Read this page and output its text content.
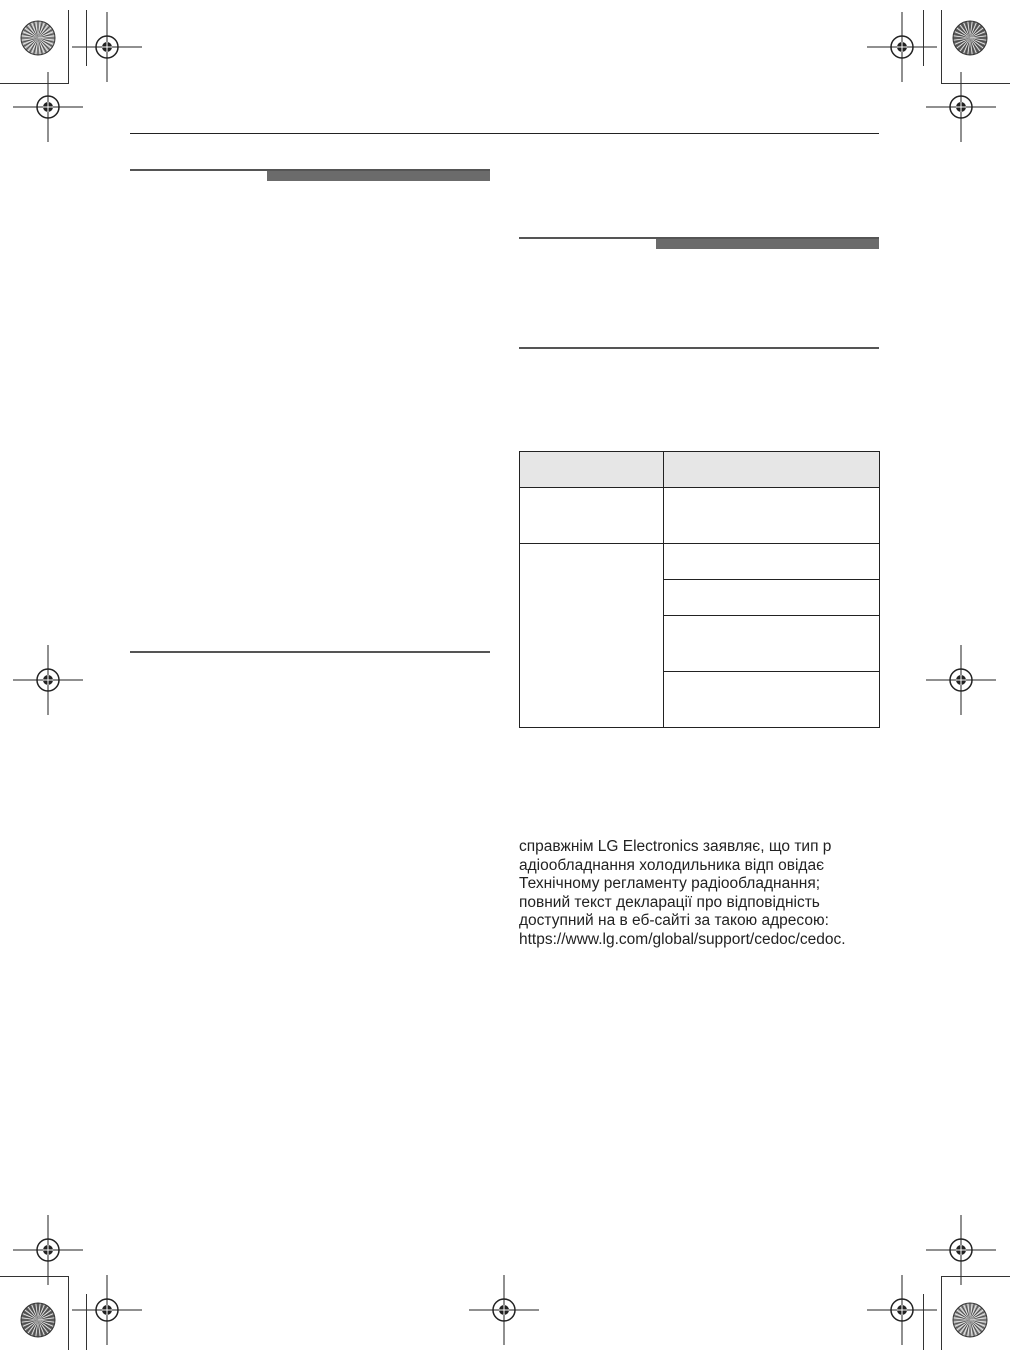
справжнім LG Electronics заявляє, що тип р
адіообладнання холодильника відп овідає
Технічному регламенту радіообладнання;
повний текст декларації про відповідність
доступний на в еб-сайті за такою адресою:
https://www.lg.com/global/support/cedoc/cedoc.
